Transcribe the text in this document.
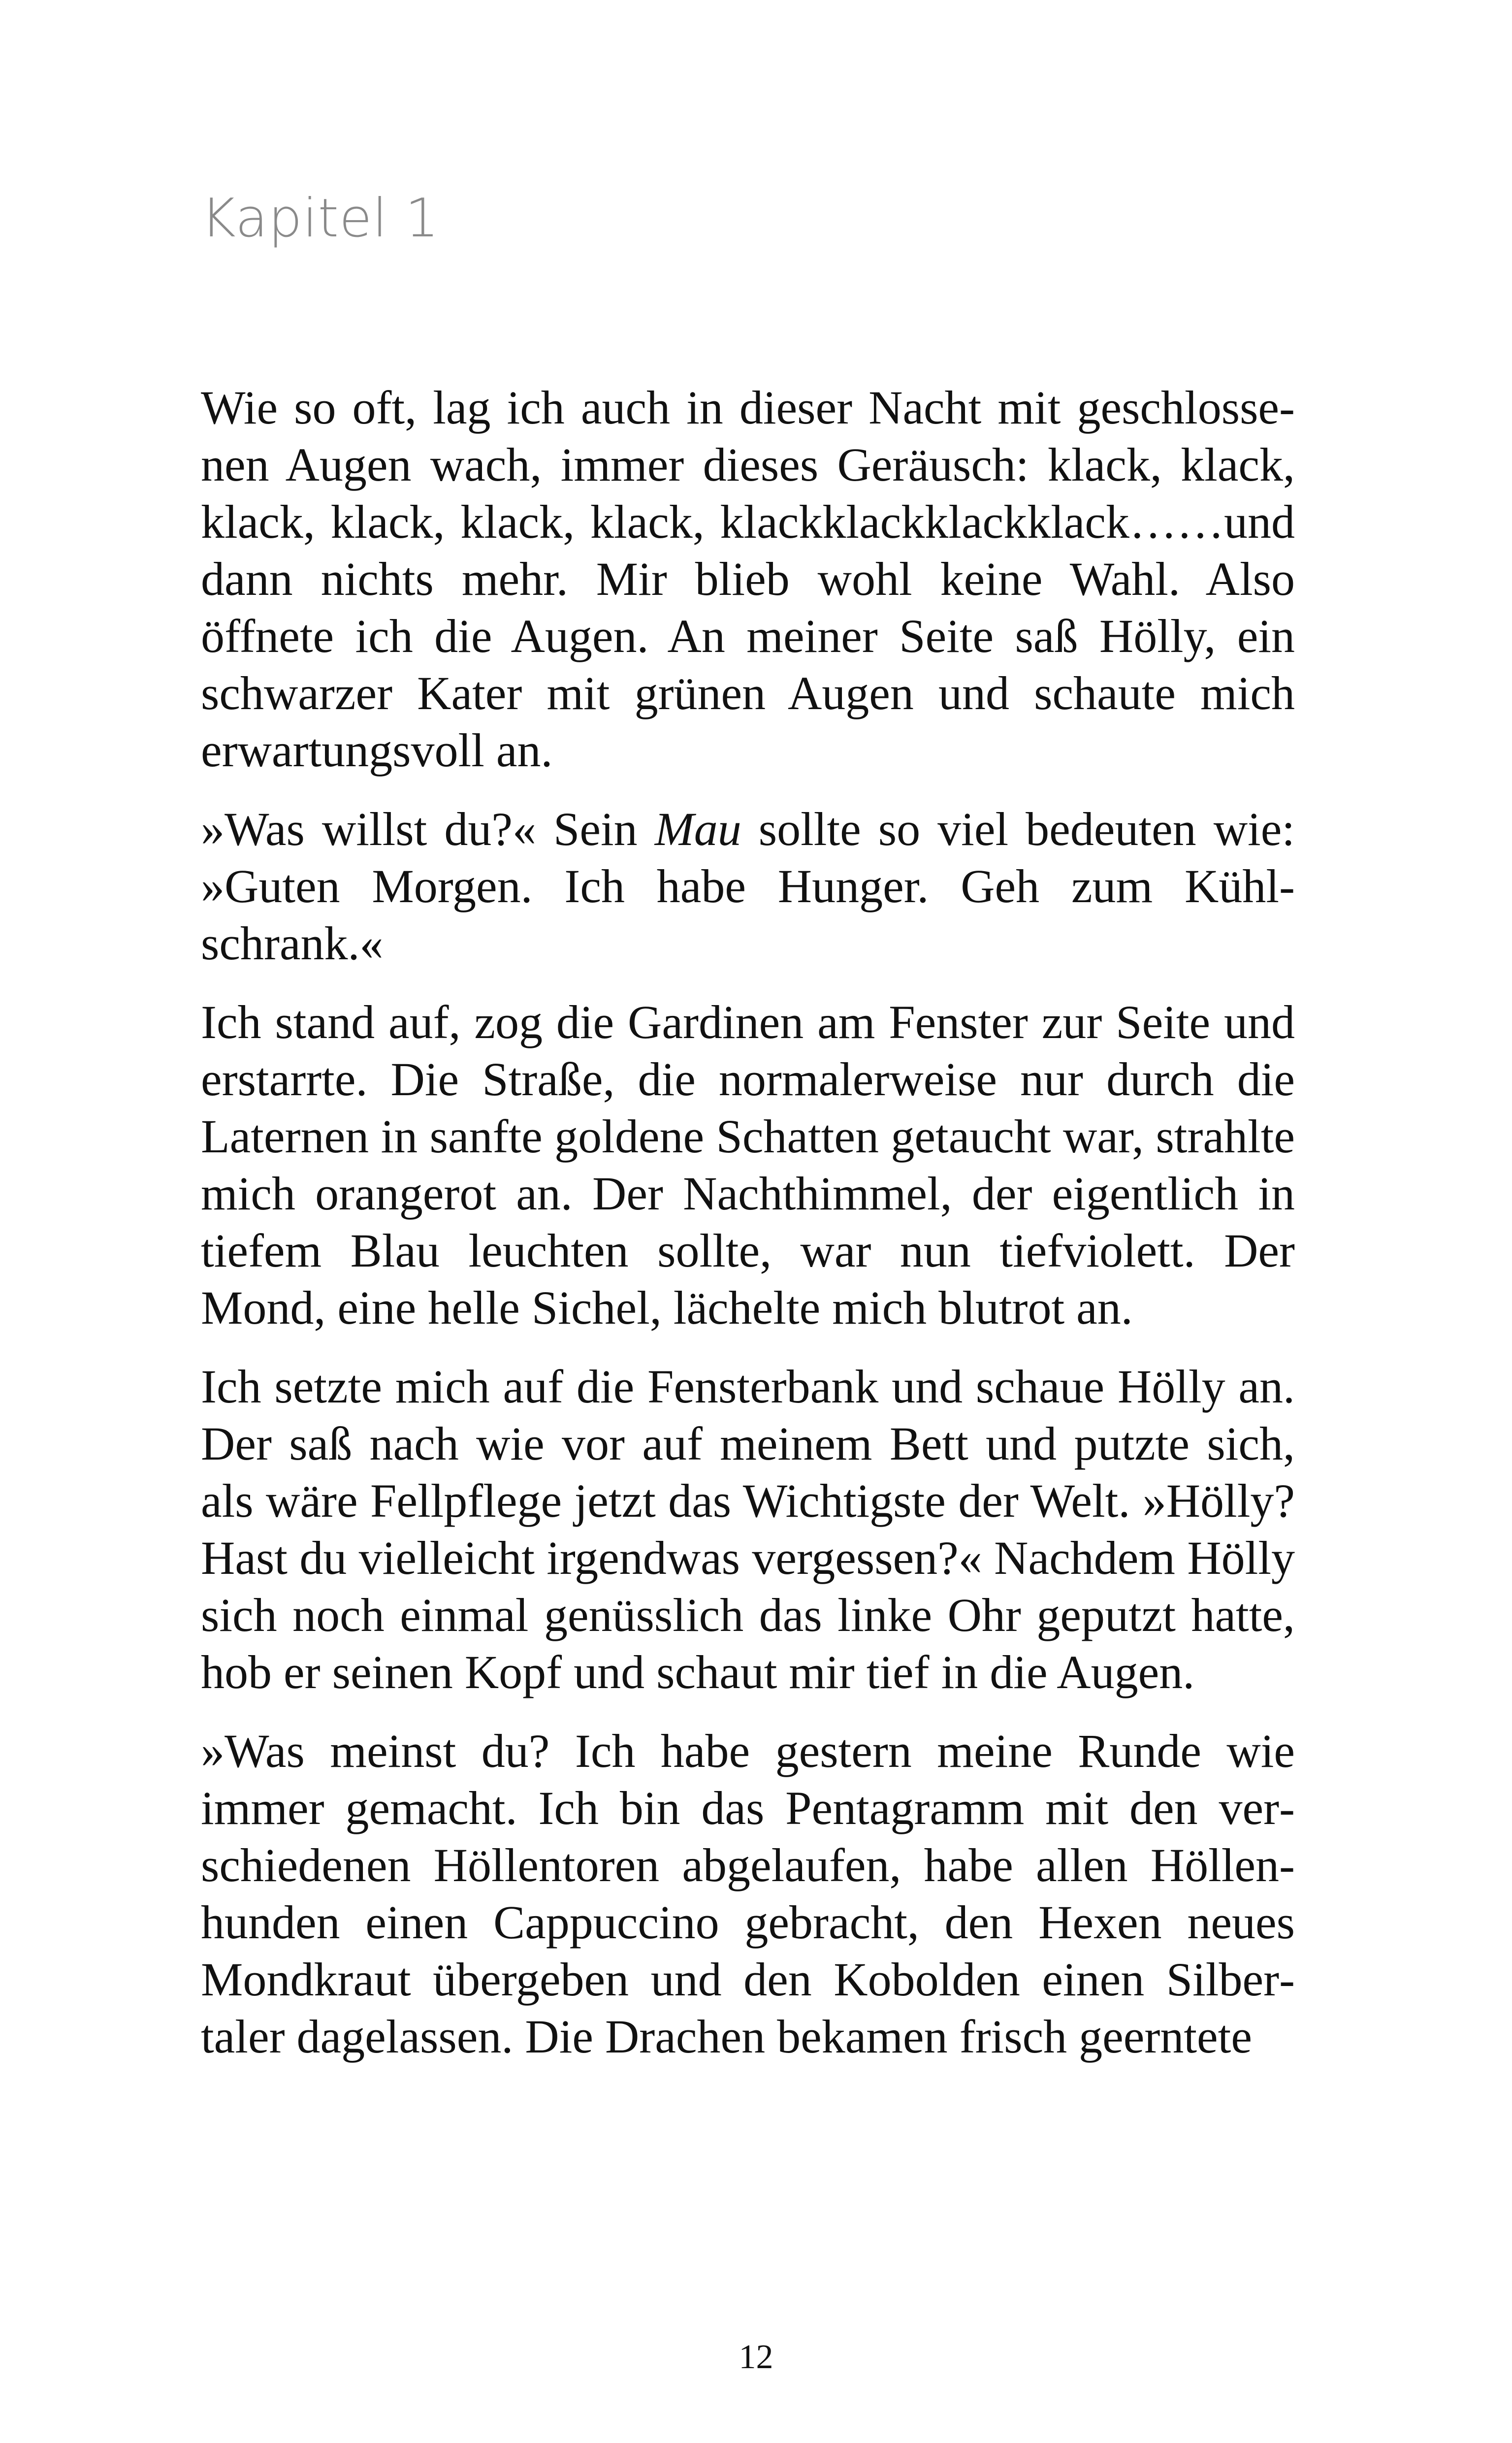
Kapitel 1

Wie so oft, lag ich auch in dieser Nacht mit geschlossenen Augen wach, immer dieses Geräusch: klack, klack, klack, klack, klack, klack, klackklackklackklack……und dann nichts mehr. Mir blieb wohl keine Wahl. Also öffnete ich die Augen. An meiner Seite saß Hölly, ein schwarzer Kater mit grünen Augen und schaute mich erwartungsvoll an.

»Was willst du?« Sein Mau sollte so viel bedeuten wie: »Guten Morgen. Ich habe Hunger. Geh zum Kühlschrank.«

Ich stand auf, zog die Gardinen am Fenster zur Seite und erstarrte. Die Straße, die normalerweise nur durch die Laternen in sanfte goldene Schatten getaucht war, strahlte mich orangerot an. Der Nachthimmel, der eigentlich in tiefem Blau leuchten sollte, war nun tiefviolett. Der Mond, eine helle Sichel, lächelte mich blutrot an.

Ich setzte mich auf die Fensterbank und schaue Hölly an. Der saß nach wie vor auf meinem Bett und putzte sich, als wäre Fellpflege jetzt das Wichtigste der Welt. »Hölly? Hast du vielleicht irgendwas vergessen?« Nachdem Hölly sich noch einmal genüsslich das linke Ohr geputzt hatte, hob er seinen Kopf und schaut mir tief in die Augen.

»Was meinst du? Ich habe gestern meine Runde wie immer gemacht. Ich bin das Pentagramm mit den verschiedenen Höllentoren abgelaufen, habe allen Höllenhunden einen Cappuccino gebracht, den Hexen neues Mondkraut übergeben und den Kobolden einen Silbertaler dagelassen. Die Drachen bekamen frisch geerntete

12
